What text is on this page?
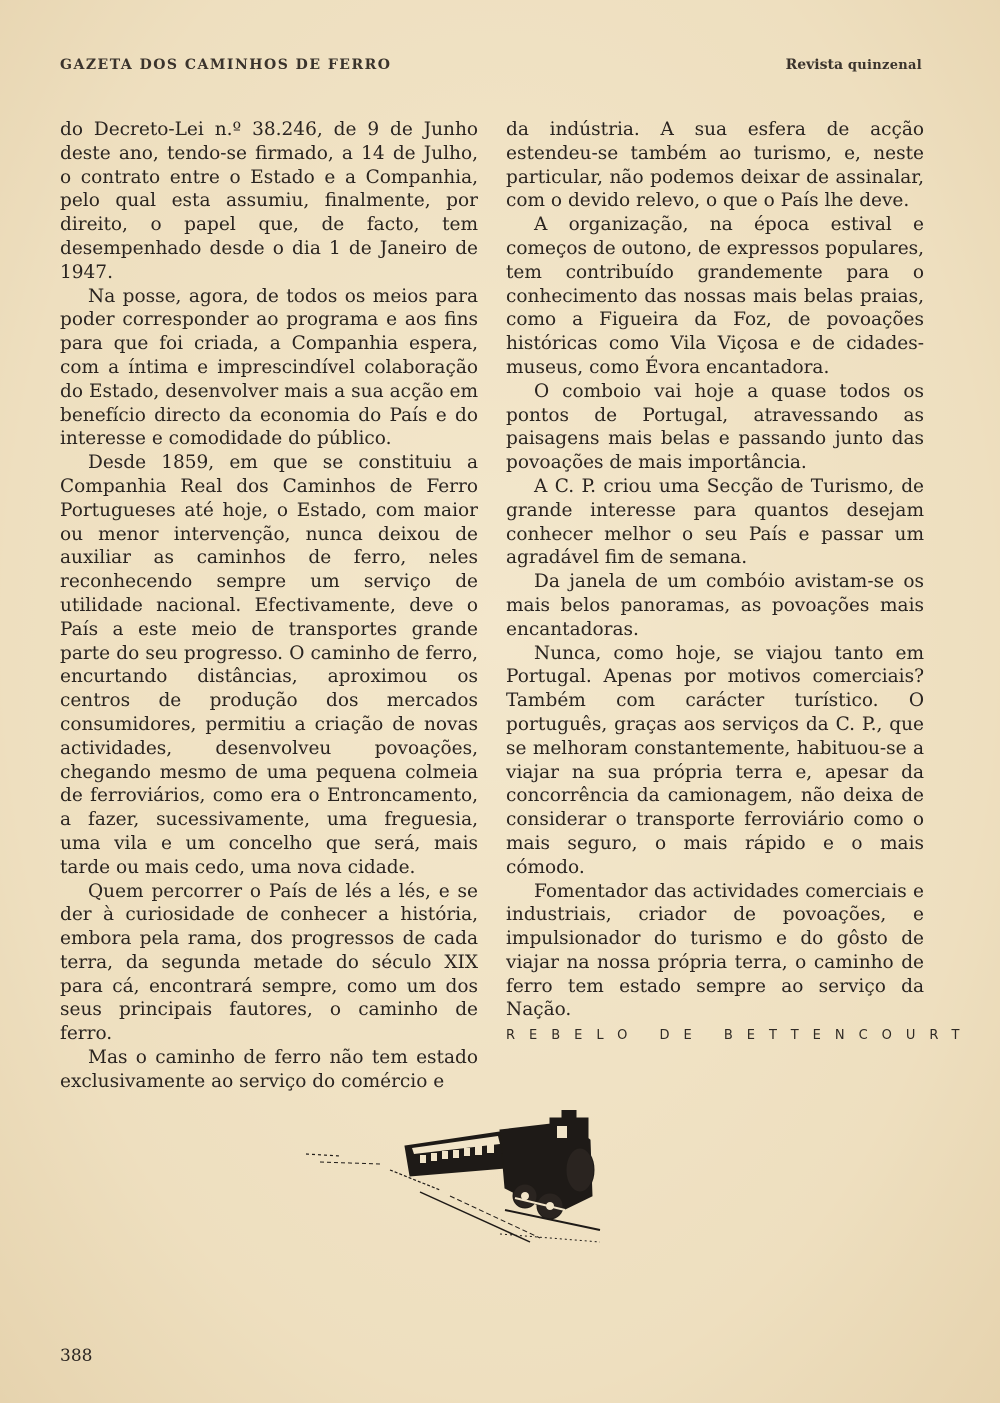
GAZETA DOS CAMINHOS DE FERRO	Revista quinzenal

do Decreto-Lei n.º 38.246, de 9 de Junho deste ano, tendo-se firmado, a 14 de Julho, o contrato entre o Estado e a Companhia, pelo qual esta assumiu, finalmente, por direito, o papel que, de facto, tem desempenhado desde o dia 1 de Janeiro de 1947.

Na posse, agora, de todos os meios para poder corresponder ao programa e aos fins para que foi criada, a Companhia espera, com a íntima e imprescindível colaboração do Estado, desenvolver mais a sua acção em benefício directo da economia do País e do interesse e comodidade do público.

Desde 1859, em que se constituiu a Companhia Real dos Caminhos de Ferro Portugueses até hoje, o Estado, com maior ou menor intervenção, nunca deixou de auxiliar as caminhos de ferro, neles reconhecendo sempre um serviço de utilidade nacional. Efectivamente, deve o País a este meio de transportes grande parte do seu progresso. O caminho de ferro, encurtando distâncias, aproximou os centros de produção dos mercados consumidores, permitiu a criação de novas actividades, desenvolveu povoações, chegando mesmo de uma pequena colmeia de ferroviários, como era o Entroncamento, a fazer, sucessivamente, uma freguesia, uma vila e um concelho que será, mais tarde ou mais cedo, uma nova cidade.

Quem percorrer o País de lés a lés, e se der à curiosidade de conhecer a história, embora pela rama, dos progressos de cada terra, da segunda metade do século XIX para cá, encontrará sempre, como um dos seus principais fautores, o caminho de ferro.

Mas o caminho de ferro não tem estado exclusivamente ao serviço do comércio e

da indústria. A sua esfera de acção estendeu-se também ao turismo, e, neste particular, não podemos deixar de assinalar, com o devido relevo, o que o País lhe deve.

A organização, na época estival e começos de outono, de expressos populares, tem contribuído grandemente para o conhecimento das nossas mais belas praias, como a Figueira da Foz, de povoações históricas como Vila Viçosa e de cidades-museus, como Évora encantadora.

O comboio vai hoje a quase todos os pontos de Portugal, atravessando as paisagens mais belas e passando junto das povoações de mais importância.

A C. P. criou uma Secção de Turismo, de grande interesse para quantos desejam conhecer melhor o seu País e passar um agradável fim de semana.

Da janela de um combóio avistam-se os mais belos panoramas, as povoações mais encantadoras.

Nunca, como hoje, se viajou tanto em Portugal. Apenas por motivos comerciais? Também com carácter turístico. O português, graças aos serviços da C. P., que se melhoram constantemente, habituou-se a viajar na sua própria terra e, apesar da concorrência da camionagem, não deixa de considerar o transporte ferroviário como o mais seguro, o mais rápido e o mais cómodo.

Fomentador das actividades comerciais e industriais, criador de povoações, e impulsionador do turismo e do gôsto de viajar na nossa própria terra, o caminho de ferro tem estado sempre ao serviço da Nação.

REBELO DE BETTENCOURT
388
